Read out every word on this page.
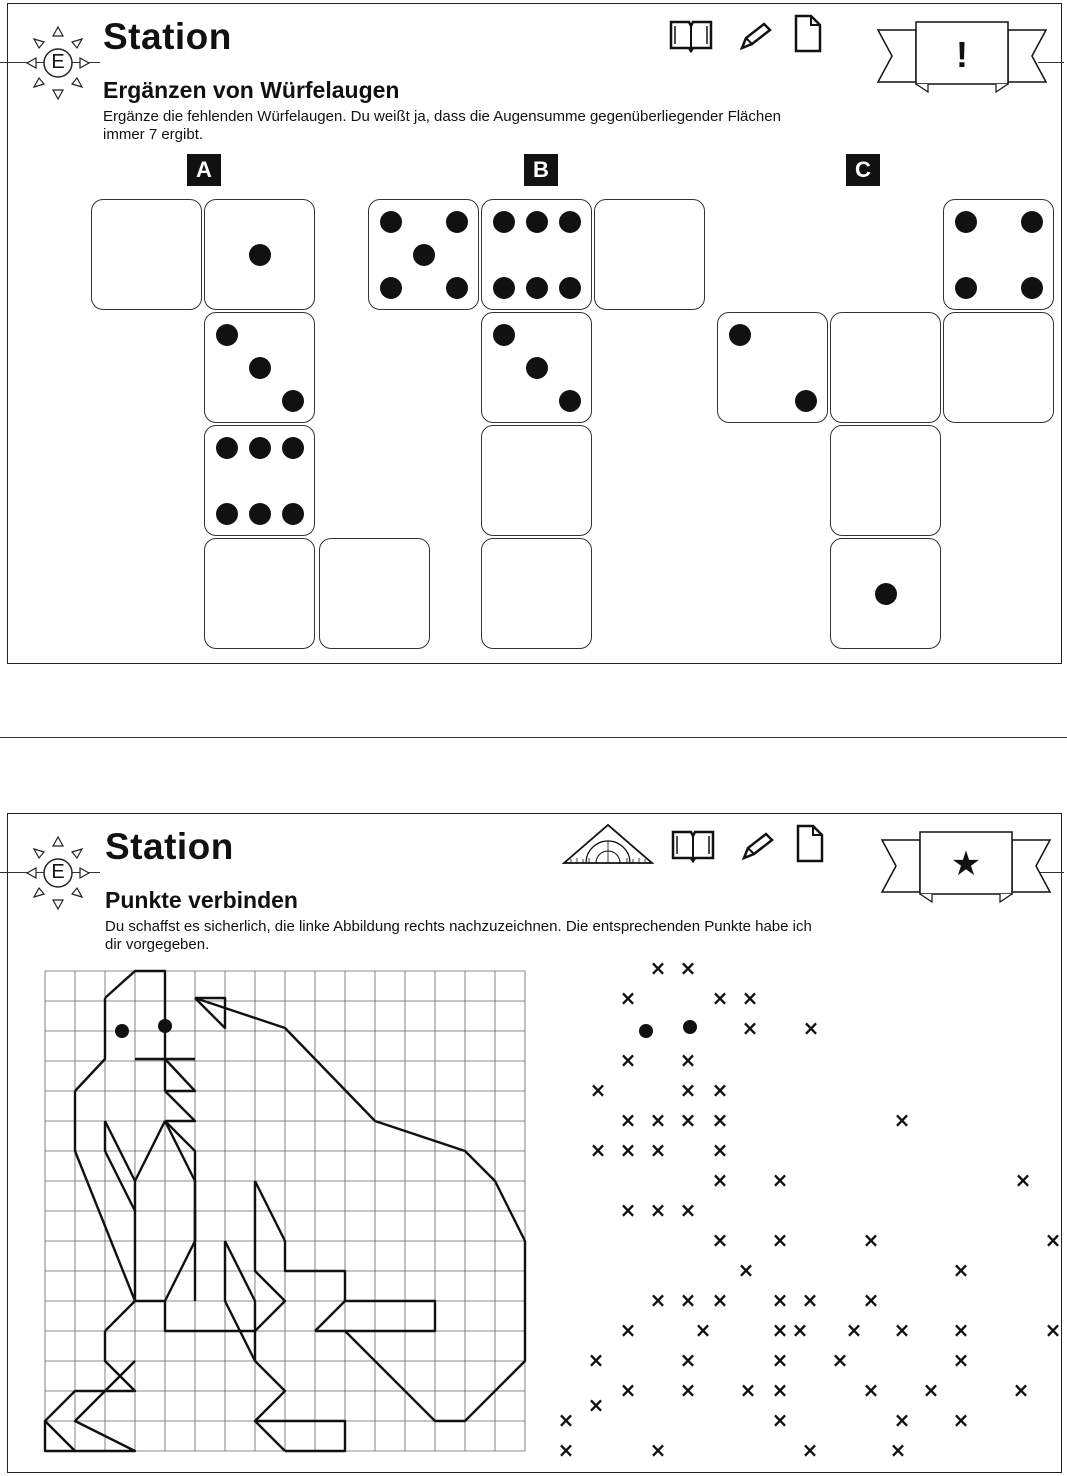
E
Station
Ergänzen von Würfelaugen
Ergänze die fehlenden Würfelaugen. Du weißt ja, dass die Augensumme gegenüberliegender Flächen
immer 7 ergibt.
!
A	B	C
E
Station
Punkte verbinden
Du schaffst es sicherlich, die linke Abbildung rechts nachzuzeichnen. Die entsprechenden Punkte habe ich
dir vorgegeben.
★
× ×
×	× ×
× ×
× ×
×	× ×
× × × ×	×
× × × ×
× ×	×
× × ×
× ×	×	×
×	×
× × × × × ×
×	×	× × × × ×	×
×	×	× ×	×
× × × ×	× ×	×
×
×	×	× ×
×	×	×	×
